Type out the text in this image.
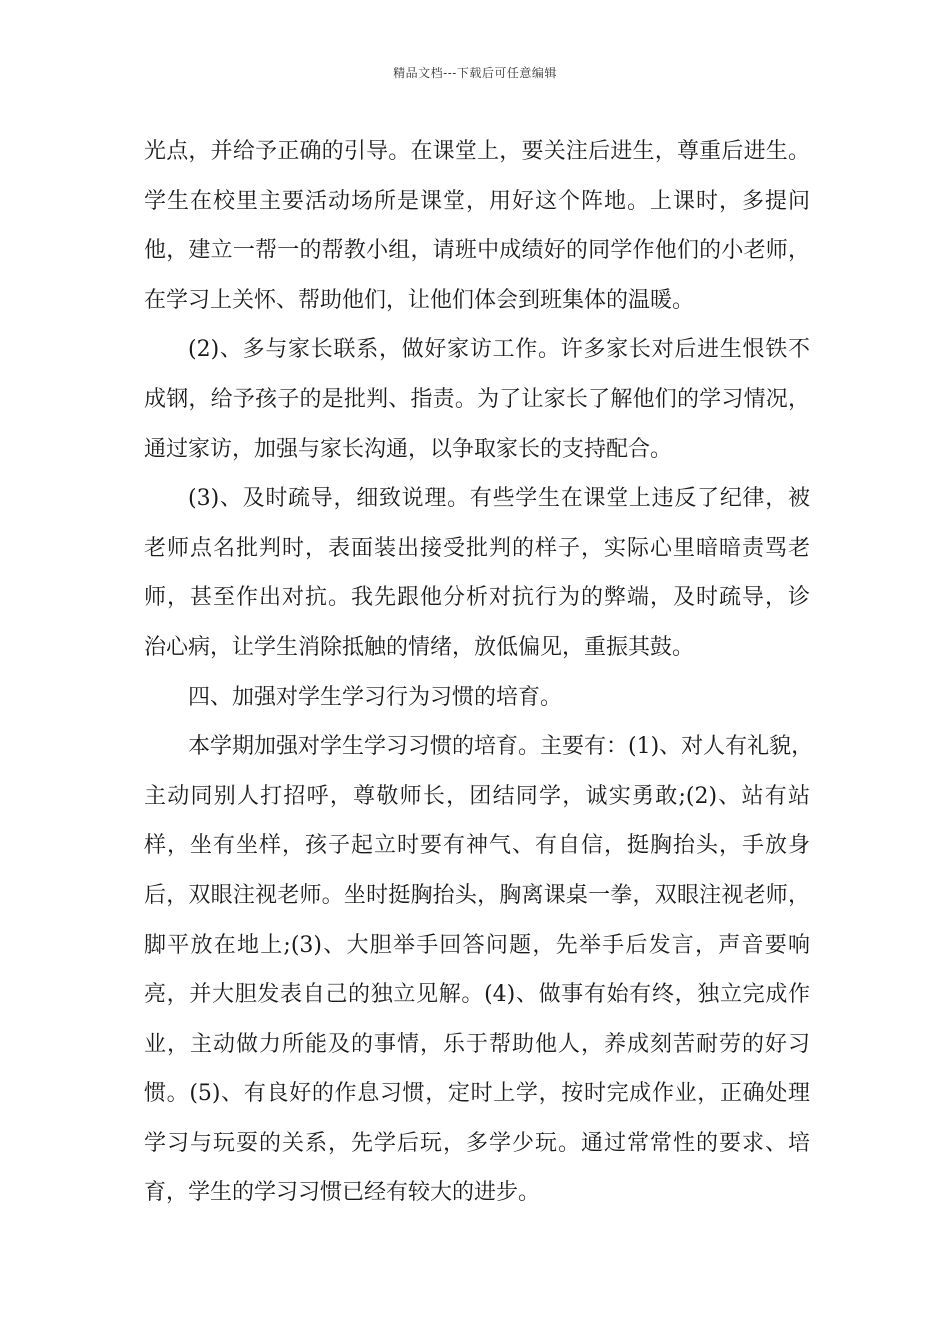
精品文档---下载后可任意编辑
光点，并给予正确的引导。在课堂上，要关注后进生，尊重后进生。
学生在校里主要活动场所是课堂，用好这个阵地。上课时，多提问
他，建立一帮一的帮教小组，请班中成绩好的同学作他们的小老师，
在学习上关怀、帮助他们，让他们体会到班集体的温暖。
(2)、多与家长联系，做好家访工作。许多家长对后进生恨铁不
成钢，给予孩子的是批判、指责。为了让家长了解他们的学习情况，
通过家访，加强与家长沟通，以争取家长的支持配合。
(3)、及时疏导，细致说理。有些学生在课堂上违反了纪律，被
老师点名批判时，表面装出接受批判的样子，实际心里暗暗责骂老
师，甚至作出对抗。我先跟他分析对抗行为的弊端，及时疏导，诊
治心病，让学生消除抵触的情绪，放低偏见，重振其鼓。
四、加强对学生学习行为习惯的培育。
本学期加强对学生学习习惯的培育。主要有：(1)、对人有礼貌，
主动同别人打招呼，尊敬师长，团结同学，诚实勇敢;(2)、站有站
样，坐有坐样，孩子起立时要有神气、有自信，挺胸抬头，手放身
后，双眼注视老师。坐时挺胸抬头，胸离课桌一拳，双眼注视老师，
脚平放在地上;(3)、大胆举手回答问题，先举手后发言，声音要响
亮，并大胆发表自己的独立见解。(4)、做事有始有终，独立完成作
业，主动做力所能及的事情，乐于帮助他人，养成刻苦耐劳的好习
惯。(5)、有良好的作息习惯，定时上学，按时完成作业，正确处理
学习与玩耍的关系，先学后玩，多学少玩。通过常常性的要求、培
育，学生的学习习惯已经有较大的进步。
